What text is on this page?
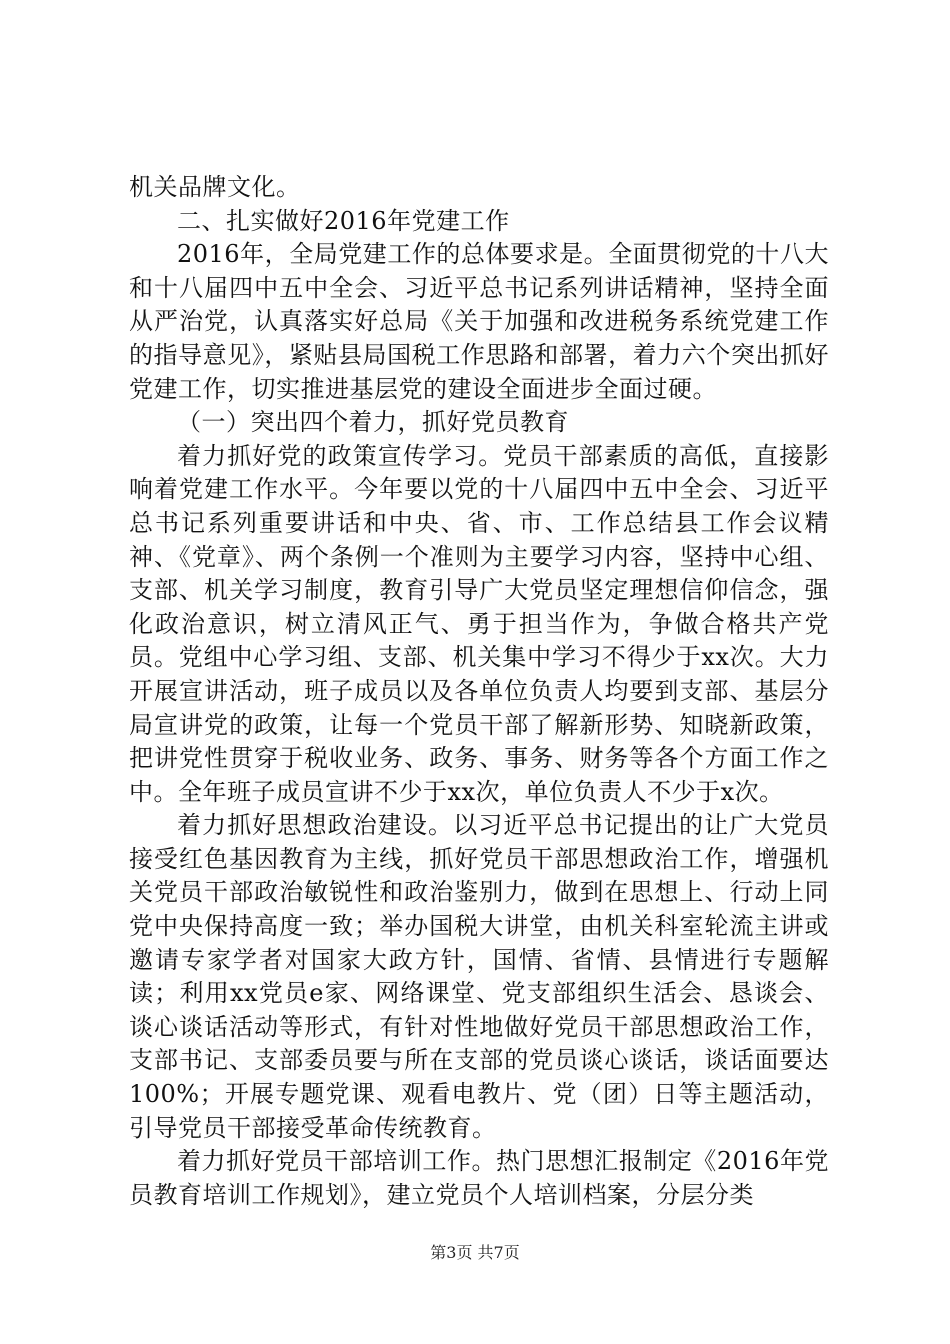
机关品牌文化。

二、扎实做好2016年党建工作

2016年，全局党建工作的总体要求是。全面贯彻党的十八大和十八届四中五中全会、习近平总书记系列讲话精神，坚持全面从严治党，认真落实好总局《关于加强和改进税务系统党建工作的指导意见》，紧贴县局国税工作思路和部署，着力六个突出抓好党建工作，切实推进基层党的建设全面进步全面过硬。

（一）突出四个着力，抓好党员教育

着力抓好党的政策宣传学习。党员干部素质的高低，直接影响着党建工作水平。今年要以党的十八届四中五中全会、习近平总书记系列重要讲话和中央、省、市、工作总结县工作会议精神、《党章》、两个条例一个准则为主要学习内容，坚持中心组、支部、机关学习制度，教育引导广大党员坚定理想信仰信念，强化政治意识，树立清风正气、勇于担当作为，争做合格共产党员。党组中心学习组、支部、机关集中学习不得少于xx次。大力开展宣讲活动，班子成员以及各单位负责人均要到支部、基层分局宣讲党的政策，让每一个党员干部了解新形势、知晓新政策，把讲党性贯穿于税收业务、政务、事务、财务等各个方面工作之中。全年班子成员宣讲不少于xx次，单位负责人不少于x次。

着力抓好思想政治建设。以习近平总书记提出的让广大党员接受红色基因教育为主线，抓好党员干部思想政治工作，增强机关党员干部政治敏锐性和政治鉴别力，做到在思想上、行动上同党中央保持高度一致；举办国税大讲堂，由机关科室轮流主讲或邀请专家学者对国家大政方针，国情、省情、县情进行专题解读；利用xx党员e家、网络课堂、党支部组织生活会、恳谈会、谈心谈话活动等形式，有针对性地做好党员干部思想政治工作，支部书记、支部委员要与所在支部的党员谈心谈话，谈话面要达100%；开展专题党课、观看电教片、党（团）日等主题活动，引导党员干部接受革命传统教育。

着力抓好党员干部培训工作。热门思想汇报制定《2016年党员教育培训工作规划》，建立党员个人培训档案，分层分类

第3页 共7页
